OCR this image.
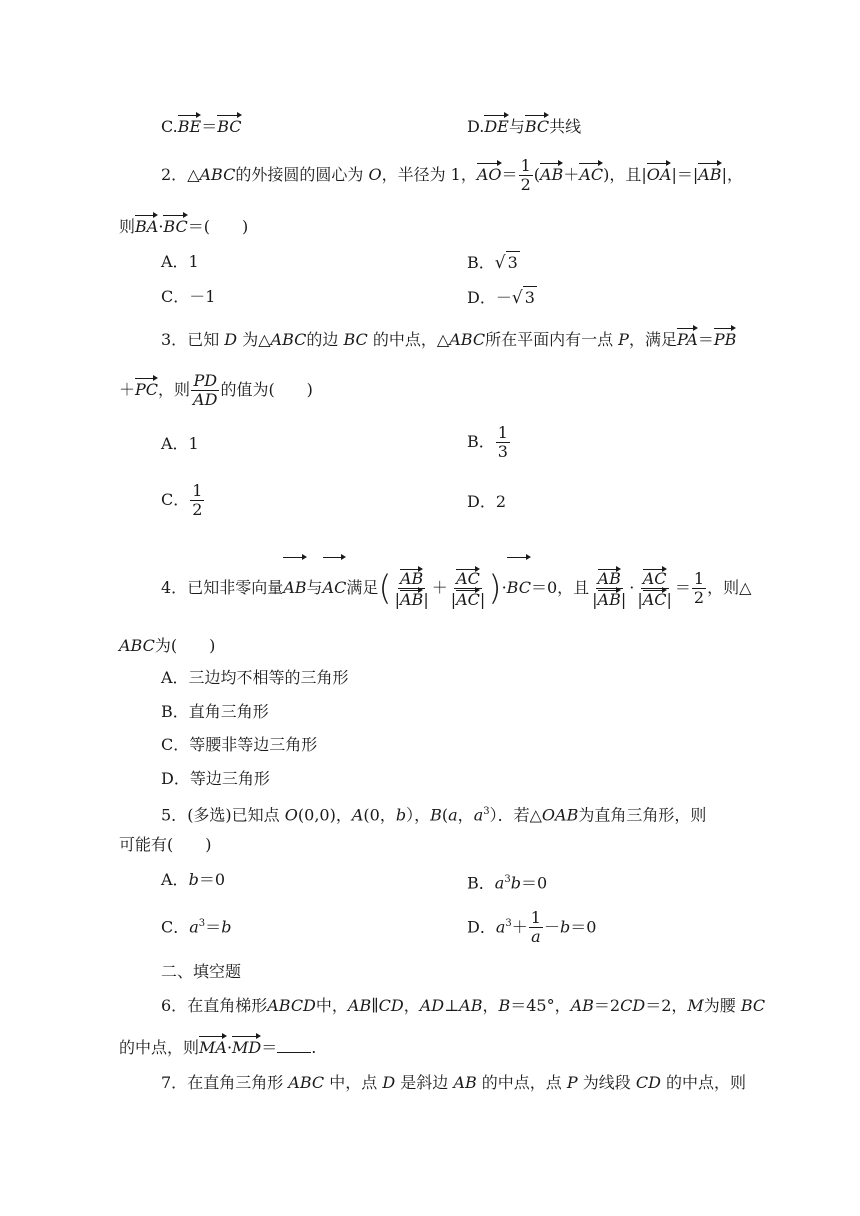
C.BE＝BC	D.DE与BC共线
2．△ABC的外接圆的圆心为 O，半径为 1，$AO= \frac{1}{2} (AB+AC)$，且|OA|＝|AB|，
则BA·BC＝(　　)
A．1	B．√ 3
C．－1	D．－√ 3
3．已知 D 为△ABC的边 BC 的中点，△ABC所在平面内有一点 P，满足PA＝PB
＋PC，则 $\frac{PD}{AD}$ 的值为(　　)
A．1	B． $\frac{1}{3}$
C． $\frac{1}{2}$	D．2
4．已知非零向量AB与AC满足( $\frac{AB}{|AB|} + \frac{AC}{|AC|} )\cdot BC=0$，且 $\frac{AB}{|AB|} \cdot \frac{AC}{|AC|} = \frac{1}{2}$ ，则△
ABC为(　　)
A．三边均不相等的三角形
B．直角三角形
C．等腰非等边三角形
D．等边三角形
5．(多选)已知点 O(0,0)，A(0，b），B(a，$a^3$）．若△OAB为直角三角形，则
可能有(　　)
A．b＝0	B．$a^3b=0$
C．$a^3=b$	D．$a^3+ \frac{1}{a} -b=0$
二、填空题
6．在直角梯形ABCD中，AB∥CD，AD⊥AB，B＝45°，AB＝2CD＝2，M为腰 BC
的中点，则MA·MD＝ .
7．在直角三角形 ABC 中，点 D 是斜边 AB 的中点，点 P 为线段 CD 的中点，则
